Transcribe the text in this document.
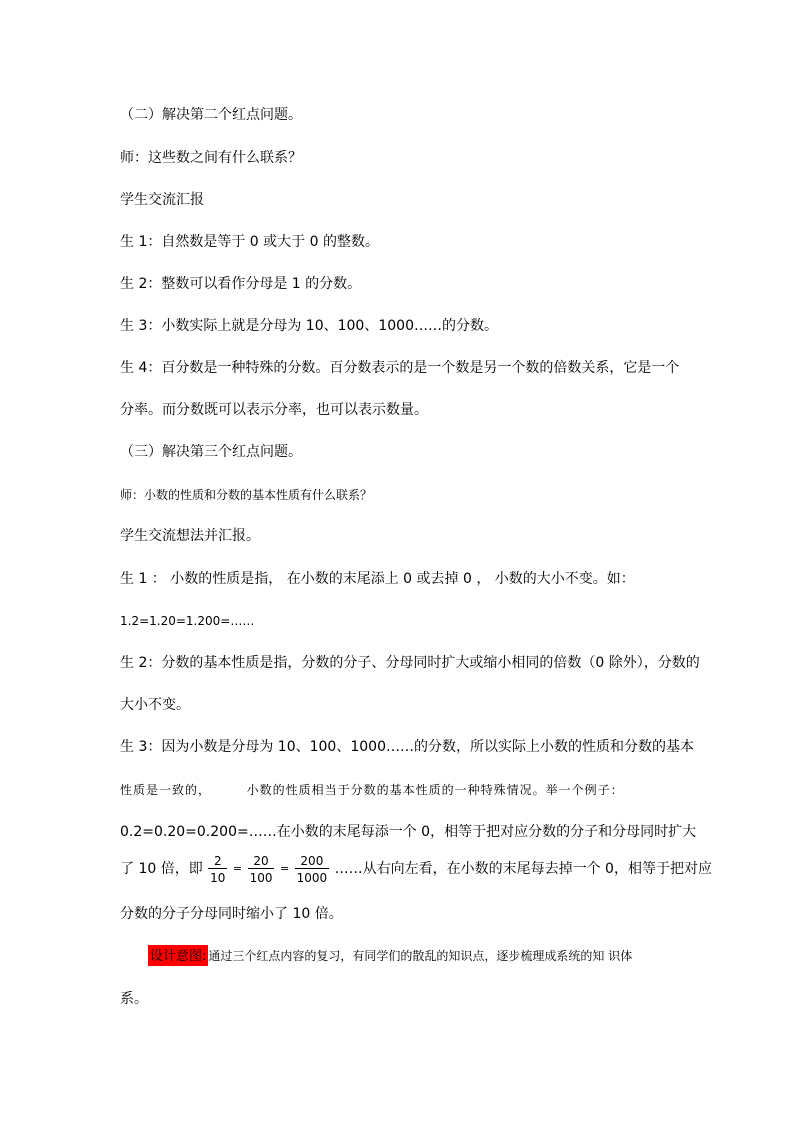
（二）解决第二个红点问题。
师：这些数之间有什么联系？
学生交流汇报
生 1：自然数是等于 0 或大于 0 的整数。
生 2：整数可以看作分母是 1 的分数。
生 3：小数实际上就是分母为 10、100、1000……的分数。
生 4：百分数是一种特殊的分数。百分数表示的是一个数是另一个数的倍数关系，它是一个
分率。而分数既可以表示分率，也可以表示数量。
（三）解决第三个红点问题。
师：小数的性质和分数的基本性质有什么联系？
学生交流想法并汇报。
生 1 ： 小数的性质是指， 在小数的末尾添上 0 或去掉 0 ， 小数的大小不变。如：
1.2=1.20=1.200=……
生 2：分数的基本性质是指，分数的分子、分母同时扩大或缩小相同的倍数（0 除外），分数的
大小不变。
生 3：因为小数是分母为 10、100、1000……的分数，所以实际上小数的性质和分数的基本
性质是一致的，	小数的性质相当于分数的基本性质的一种特殊情况。举一个例子：
0.2=0.20=0.200=……在小数的末尾每添一个 0，相等于把对应分数的分子和分母同时扩大
了 10 倍，即 $\frac{2}{10} = \frac{20}{100} = \frac{200}{1000}$ ……从右向左看，在小数的末尾每去掉一个 0，相等于把对应
分数的分子分母同时缩小了 10 倍。
设计意图: 通过三个红点内容的复习，有同学们的散乱的知识点，逐步梳理成系统的知 识体
系。
